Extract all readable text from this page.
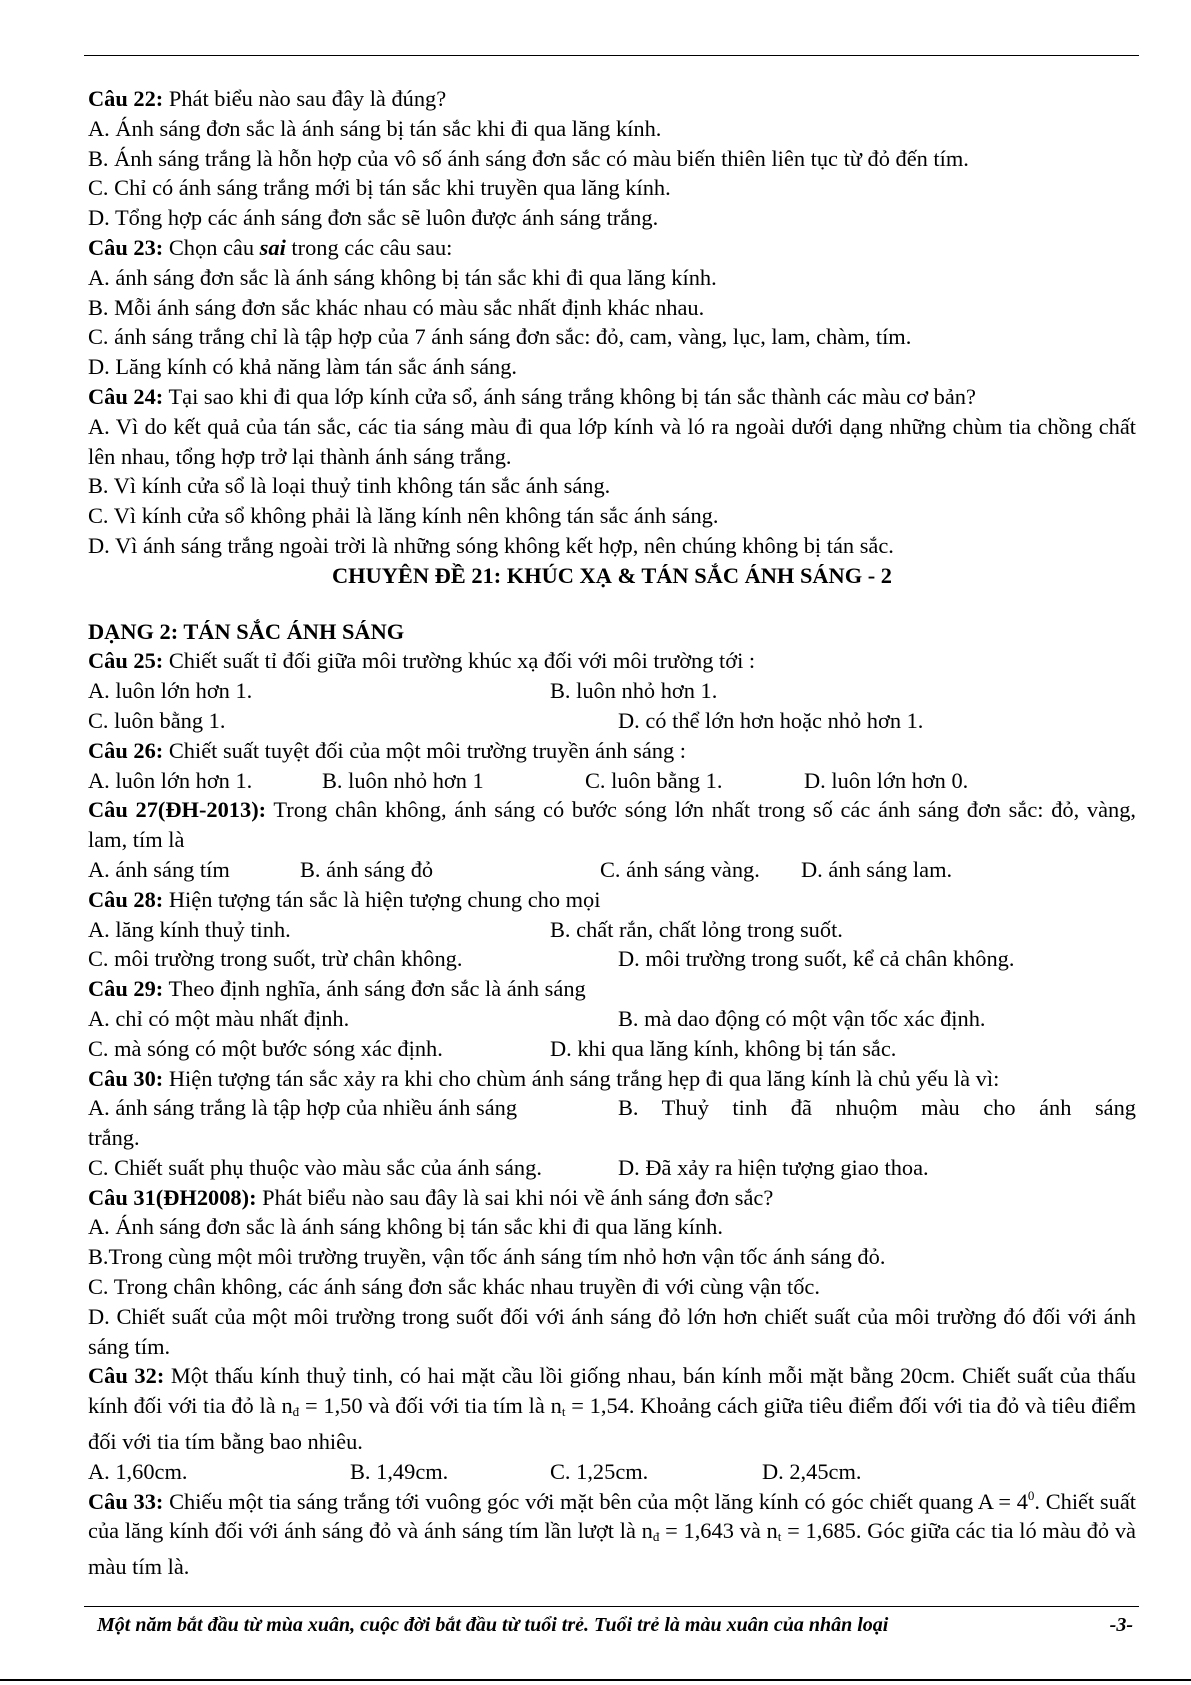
Câu 22: Phát biểu nào sau đây là đúng?
A. Ánh sáng đơn sắc là ánh sáng bị tán sắc khi đi qua lăng kính.
B. Ánh sáng trắng là hỗn hợp của vô số ánh sáng đơn sắc có màu biến thiên liên tục từ đỏ đến tím.
C. Chỉ có ánh sáng trắng mới bị tán sắc khi truyền qua lăng kính.
D. Tổng hợp các ánh sáng đơn sắc sẽ luôn được ánh sáng trắng.
Câu 23: Chọn câu sai trong các câu sau:
A. ánh sáng đơn sắc là ánh sáng không bị tán sắc khi đi qua lăng kính.
B. Mỗi ánh sáng đơn sắc khác nhau có màu sắc nhất định khác nhau.
C. ánh sáng trắng chỉ là tập hợp của 7 ánh sáng đơn sắc: đỏ, cam, vàng, lục, lam, chàm, tím.
D. Lăng kính có khả năng làm tán sắc ánh sáng.
Câu 24: Tại sao khi đi qua lớp kính cửa sổ, ánh sáng trắng không bị tán sắc thành các màu cơ bản?
A. Vì do kết quả của tán sắc, các tia sáng màu đi qua lớp kính và ló ra ngoài dưới dạng những chùm tia chồng chất lên nhau, tổng hợp trở lại thành ánh sáng trắng.
B. Vì kính cửa sổ là loại thuỷ tinh không tán sắc ánh sáng.
C. Vì kính cửa sổ không phải là lăng kính nên không tán sắc ánh sáng.
D. Vì ánh sáng trắng ngoài trời là những sóng không kết hợp, nên chúng không bị tán sắc.
CHUYÊN ĐỀ 21: KHÚC XẠ & TÁN SẮC ÁNH SÁNG - 2
DẠNG 2: TÁN SẮC ÁNH SÁNG
Câu 25: Chiết suất tỉ đối giữa môi trường khúc xạ đối với môi trường tới :
A. luôn lớn hơn 1.	B. luôn nhỏ hơn 1.
C. luôn bằng 1.	D. có thể lớn hơn hoặc nhỏ hơn 1.
Câu 26: Chiết suất tuyệt đối của một môi trường truyền ánh sáng :
A. luôn lớn hơn 1.	B. luôn nhỏ hơn 1	C. luôn bằng 1.	D. luôn lớn hơn 0.
Câu 27(ĐH-2013): Trong chân không, ánh sáng có bước sóng lớn nhất trong số các ánh sáng đơn sắc: đỏ, vàng, lam, tím là
A. ánh sáng tím	B. ánh sáng đỏ	C. ánh sáng vàng.	D. ánh sáng lam.
Câu 28: Hiện tượng tán sắc là hiện tượng chung cho mọi
A. lăng kính thuỷ tinh.	B. chất rắn, chất lỏng trong suốt.
C. môi trường trong suốt, trừ chân không.	D. môi trường trong suốt, kể cả chân không.
Câu 29: Theo định nghĩa, ánh sáng đơn sắc là ánh sáng
A. chỉ có một màu nhất định.	B. mà dao động có một vận tốc xác định.
C. mà sóng có một bước sóng xác định.	D. khi qua lăng kính, không bị tán sắc.
Câu 30: Hiện tượng tán sắc xảy ra khi cho chùm ánh sáng trắng hẹp đi qua lăng kính là chủ yếu là vì:
A. ánh sáng trắng là tập hợp của nhiều ánh sáng	B. Thuỷ tinh đã nhuộm màu cho ánh sáng
trắng.
C. Chiết suất phụ thuộc vào màu sắc của ánh sáng.	D. Đã xảy ra hiện tượng giao thoa.
Câu 31(ĐH2008): Phát biểu nào sau đây là sai khi nói về ánh sáng đơn sắc?
A. Ánh sáng đơn sắc là ánh sáng không bị tán sắc khi đi qua lăng kính.
B.Trong cùng một môi trường truyền, vận tốc ánh sáng tím nhỏ hơn vận tốc ánh sáng đỏ.
C. Trong chân không, các ánh sáng đơn sắc khác nhau truyền đi với cùng vận tốc.
D. Chiết suất của một môi trường trong suốt đối với ánh sáng đỏ lớn hơn chiết suất của môi trường đó đối với ánh sáng tím.
Câu 32: Một thấu kính thuỷ tinh, có hai mặt cầu lồi giống nhau, bán kính mỗi mặt bằng 20cm. Chiết suất của thấu kính đối với tia đỏ là $n_đ = 1,50$ và đối với tia tím là $n_t = 1,54$. Khoảng cách giữa tiêu điểm đối với tia đỏ và tiêu điểm đối với tia tím bằng bao nhiêu.
A. 1,60cm.	B. 1,49cm.	C. 1,25cm.	D. 2,45cm.
Câu 33: Chiếu một tia sáng trắng tới vuông góc với mặt bên của một lăng kính có góc chiết quang $A = 4^0$. Chiết suất của lăng kính đối với ánh sáng đỏ và ánh sáng tím lần lượt là $n_đ = 1,643$ và $n_t = 1,685$. Góc giữa các tia ló màu đỏ và màu tím là.
Một năm bắt đầu từ mùa xuân, cuộc đời bắt đầu từ tuổi trẻ. Tuổi trẻ là màu xuân của nhân loại	-3-
